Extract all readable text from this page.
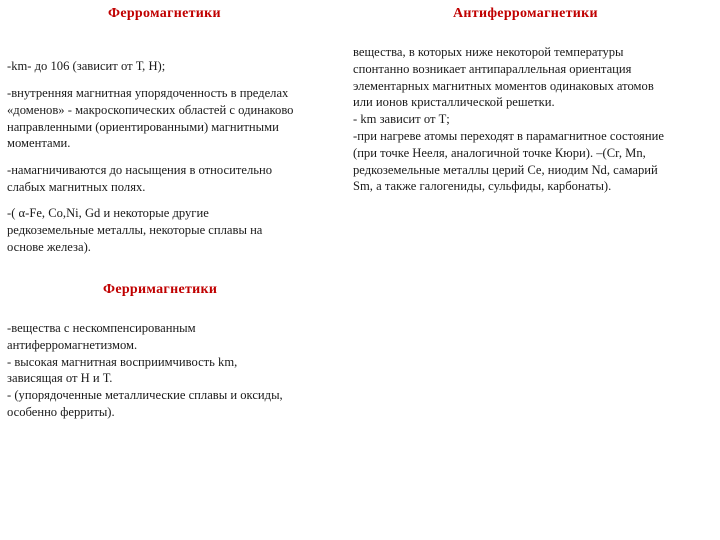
Ферромагнетики	Антиферромагнетики
-km- до 106 (зависит от Т, Н);
-внутренняя магнитная упорядоченность в пределах
«доменов» - макроскопических областей с одинаково
направленными (ориентированными) магнитными
моментами.
-намагничиваются до насыщения в относительно
слабых магнитных полях.
-( α-Fe, Co,Ni, Gd и некоторые другие
редкоземельные металлы, некоторые сплавы на
основе железа).
Ферримагнетики
-вещества с нескомпенсированным
антиферромагнетизмом.
- высокая магнитная восприимчивость km,
зависящая от Н и Т.
- (упорядоченные металлические сплавы и оксиды,
особенно ферриты).
вещества, в которых ниже некоторой температуры
спонтанно возникает антипараллельная ориентация
элементарных магнитных моментов одинаковых атомов
или ионов кристаллической решетки.
- km зависит от Т;
-при нагреве атомы переходят в парамагнитное состояние
(при точке Нееля, аналогичной точке Кюри). –(Cr, Mn,
редкоземельные металлы церий Се, ниодим Nd, самарий
Sm, а также галогениды, сульфиды, карбонаты).
